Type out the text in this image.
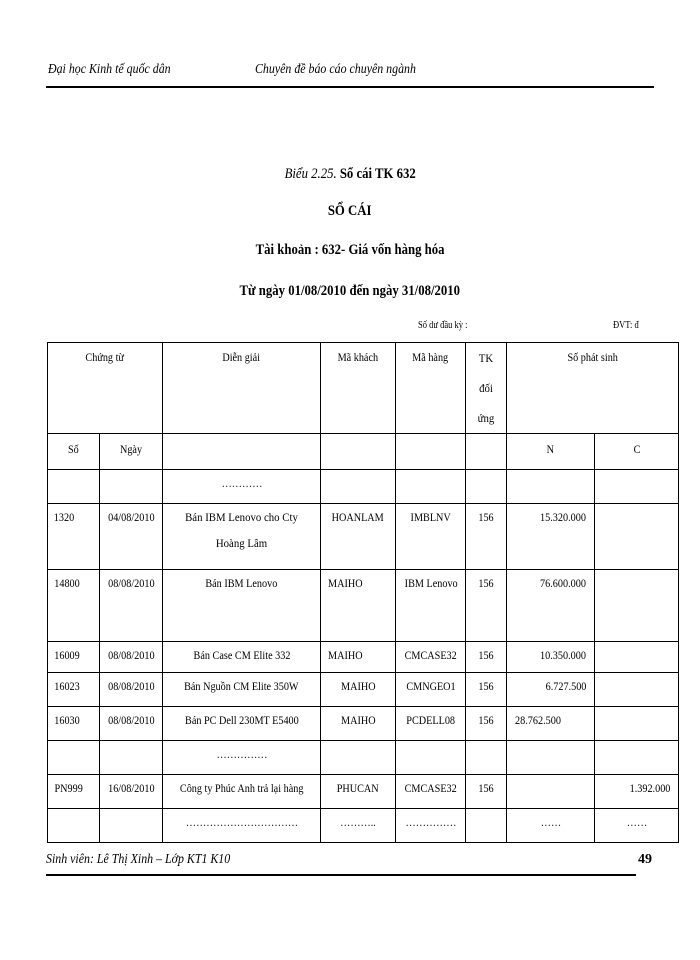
Đại học Kinh tế quốc dân	Chuyên đề báo cáo chuyên ngành
Biểu 2.25. Sổ cái TK 632
SỔ CÁI
Tài khoản : 632- Giá vốn hàng hóa
Từ ngày 01/08/2010 đến ngày 31/08/2010
Số dư đầu kỳ :	ĐVT: đ
Chứng từ		Diễn giải	Mã khách	Mã hàng	TK đối ứng	Số phát sinh	
Số	Ngày					N	C
		…………					
1320	04/08/2010	Bán IBM Lenovo cho Cty Hoàng Lâm	HOANLAM	IMBLNV	156	15.320.000	
14800	08/08/2010	Bán IBM Lenovo	MAIHO	IBM Lenovo	156	76.600.000	
16009	08/08/2010	Bán Case CM Elite 332	MAIHO	CMCASE32	156	10.350.000	
16023	08/08/2010	Bán Nguồn CM Elite 350W	MAIHO	CMNGEO1	156	6.727.500	
16030	08/08/2010	Bán PC Dell 230MT E5400	MAIHO	PCDELL08	156	28.762.500	
		……………					
PN999	16/08/2010	Công ty Phúc Anh trả lại hàng	PHUCAN	CMCASE32	156		1.392.000
		……………………………	………..	……………		……	……
Sinh viên: Lê Thị Xinh – Lớp KT1 K10	49
